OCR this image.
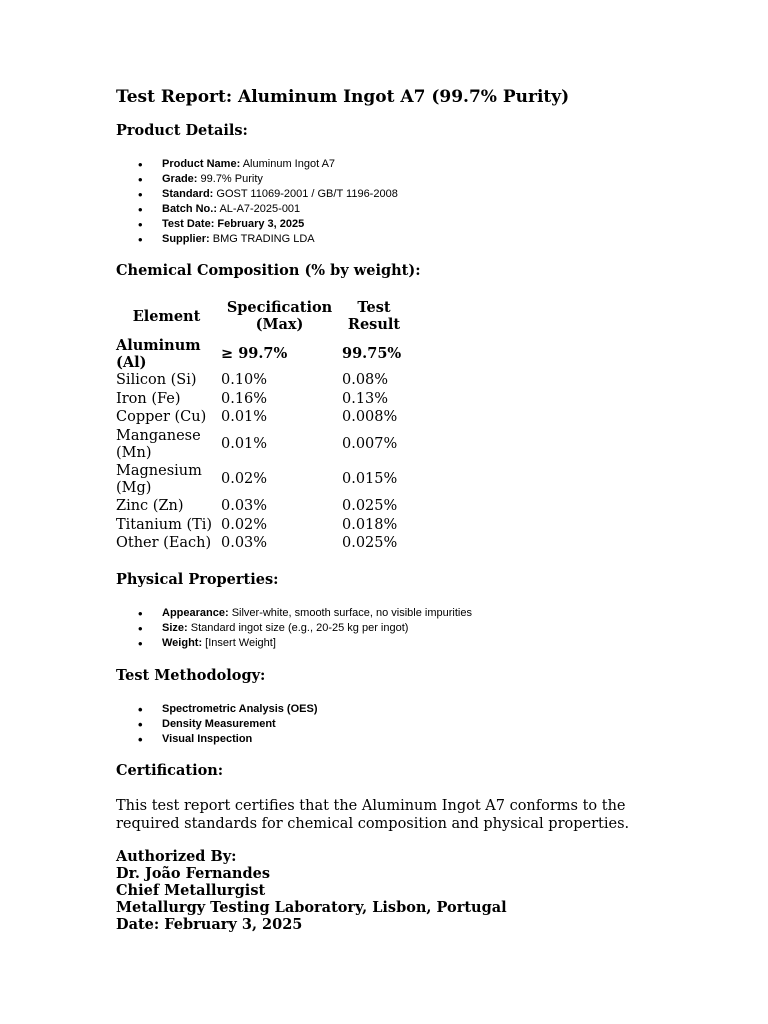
Test Report: Aluminum Ingot A7 (99.7% Purity)
Product Details:
• Product Name: Aluminum Ingot A7
• Grade: 99.7% Purity
• Standard: GOST 11069-2001 / GB/T 1196-2008
• Batch No.: AL-A7-2025-001
• Test Date: February 3, 2025
• Supplier: BMG TRADING LDA
Chemical Composition (% by weight):
Element	Specification (Max)	Test Result
Aluminum (Al)	≥ 99.7%	99.75%
Silicon (Si)	0.10%	0.08%
Iron (Fe)	0.16%	0.13%
Copper (Cu)	0.01%	0.008%
Manganese (Mn)	0.01%	0.007%
Magnesium (Mg)	0.02%	0.015%
Zinc (Zn)	0.03%	0.025%
Titanium (Ti)	0.02%	0.018%
Other (Each)	0.03%	0.025%
Physical Properties:
• Appearance: Silver-white, smooth surface, no visible impurities
• Size: Standard ingot size (e.g., 20-25 kg per ingot)
• Weight: [Insert Weight]
Test Methodology:
• Spectrometric Analysis (OES)
• Density Measurement
• Visual Inspection
Certification:
This test report certifies that the Aluminum Ingot A7 conforms to the required standards for chemical composition and physical properties.
Authorized By:
Dr. João Fernandes
Chief Metallurgist
Metallurgy Testing Laboratory, Lisbon, Portugal
Date: February 3, 2025
